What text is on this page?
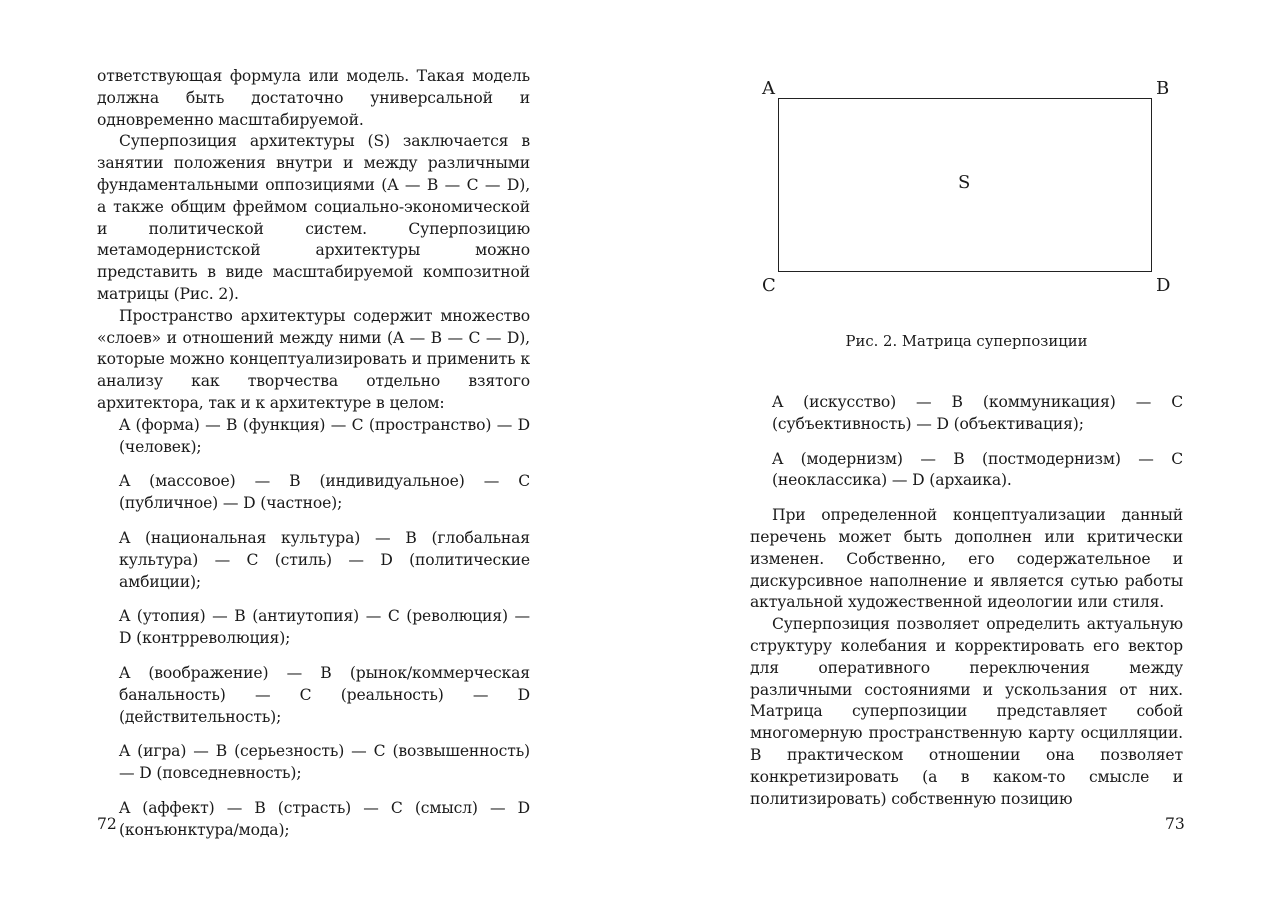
ответствующая формула или модель. Такая модель должна быть достаточно универсальной и одновременно масштабируемой.

Суперпозиция архитектуры (S) заключается в занятии положения внутри и между различными фундаментальными оппозициями (A — B — C — D), а также общим фреймом социально-экономической и политической систем. Суперпозицию метамодернистской архитектуры можно представить в виде масштабируемой композитной матрицы (Рис. 2).

Пространство архитектуры содержит множество «слоев» и отношений между ними (A — B — C — D), которые можно концептуализировать и применить к анализу как творчества отдельно взятого архитектора, так и к архитектуре в целом:

A (форма) — B (функция) — C (пространство) — D (человек);

A (массовое) — B (индивидуальное) — C (публичное) — D (частное);

A (национальная культура) — B (глобальная культура) — C (стиль) — D (политические амбиции);

A (утопия) — B (антиутопия) — C (революция) — D (контрреволюция);

A (воображение) — B (рынок/коммерческая банальность) — C (реальность) — D (действительность);

A (игра) — B (серьезность) — C (возвышенность) — D (повседневность);

A (аффект) — B (страсть) — C (смысл) — D (конъюнктура/мода);

72
A	B
C	D
S
Рис. 2. Матрица суперпозиции

A (искусство) — B (коммуникация) — C (субъективность) — D (объективация);

A (модернизм) — B (постмодернизм) — C (неоклассика) — D (архаика).

При определенной концептуализации данный перечень может быть дополнен или критически изменен. Собственно, его содержательное и дискурсивное наполнение и является сутью работы актуальной художественной идеологии или стиля.

Суперпозиция позволяет определить актуальную структуру колебания и корректировать его вектор для оперативного переключения между различными состояниями и ускользания от них. Матрица суперпозиции представляет собой многомерную пространственную карту осцилляции. В практическом отношении она позволяет конкретизировать (а в каком-то смысле и политизировать) собственную позицию

73
